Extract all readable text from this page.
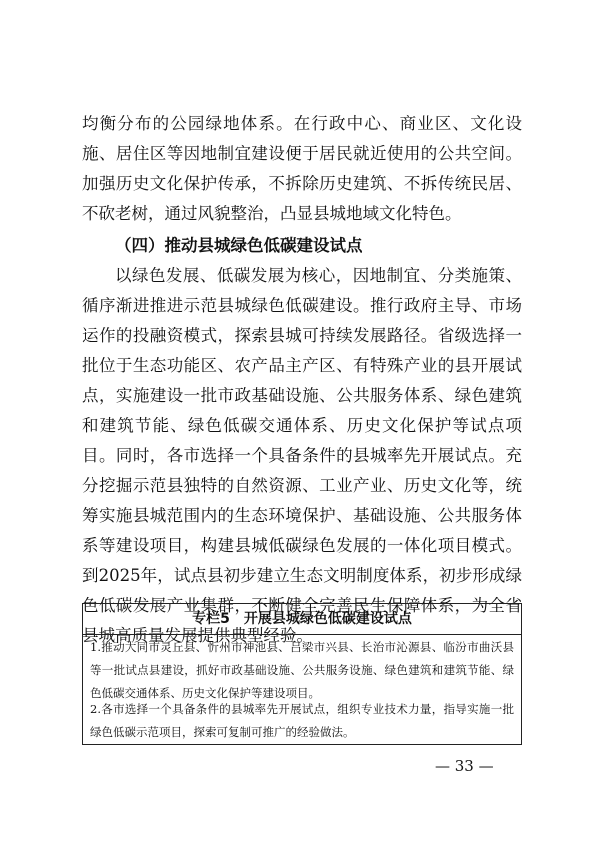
均衡分布的公园绿地体系。在行政中心、商业区、文化设施、居住区等因地制宜建设便于居民就近使用的公共空间。加强历史文化保护传承，不拆除历史建筑、不拆传统民居、不砍老树，通过风貌整治，凸显县城地域文化特色。

（四）推动县城绿色低碳建设试点

以绿色发展、低碳发展为核心，因地制宜、分类施策、循序渐进推进示范县城绿色低碳建设。推行政府主导、市场运作的投融资模式，探索县城可持续发展路径。省级选择一批位于生态功能区、农产品主产区、有特殊产业的县开展试点，实施建设一批市政基础设施、公共服务体系、绿色建筑和建筑节能、绿色低碳交通体系、历史文化保护等试点项目。同时，各市选择一个具备条件的县城率先开展试点。充分挖掘示范县独特的自然资源、工业产业、历史文化等，统筹实施县城范围内的生态环境保护、基础设施、公共服务体系等建设项目，构建县城低碳绿色发展的一体化项目模式。到2025年，试点县初步建立生态文明制度体系，初步形成绿色低碳发展产业集群，不断健全完善民生保障体系，为全省县城高质量发展提供典型经验。

专栏5　开展县城绿色低碳建设试点

1.推动大同市灵丘县、忻州市神池县、吕梁市兴县、长治市沁源县、临汾市曲沃县等一批试点县建设，抓好市政基础设施、公共服务设施、绿色建筑和建筑节能、绿色低碳交通体系、历史文化保护等建设项目。

2.各市选择一个具备条件的县城率先开展试点，组织专业技术力量，指导实施一批绿色低碳示范项目，探索可复制可推广的经验做法。

— 33 —
